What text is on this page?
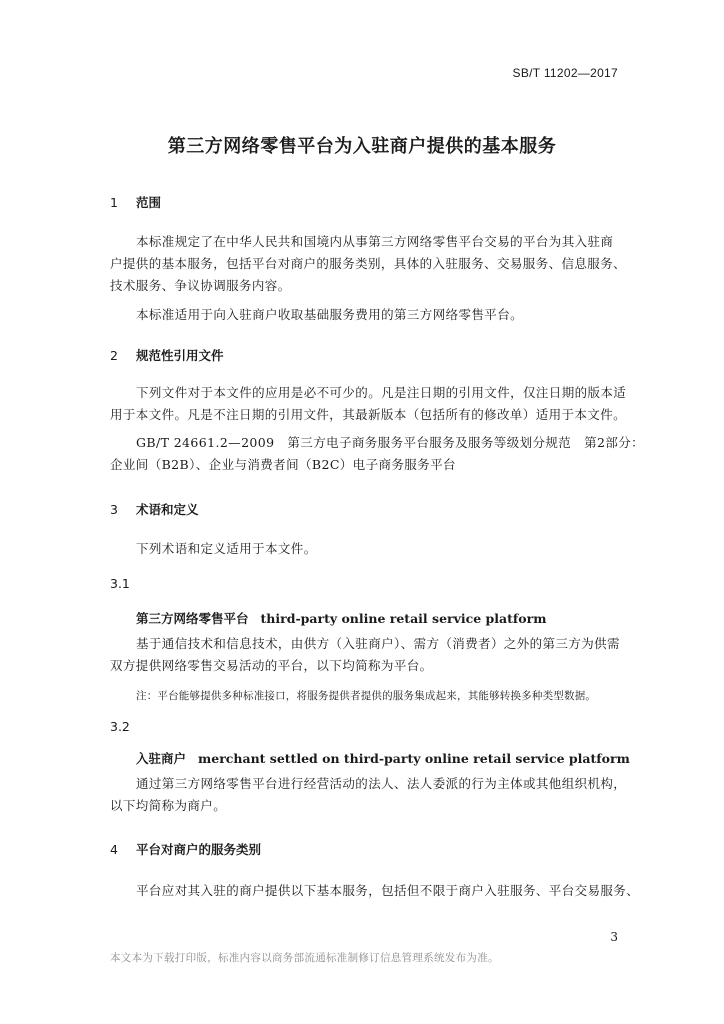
SB/T 11202—2017
第三方网络零售平台为入驻商户提供的基本服务
1 范围
本标准规定了在中华人民共和国境内从事第三方网络零售平台交易的平台为其入驻商
户提供的基本服务，包括平台对商户的服务类别，具体的入驻服务、交易服务、信息服务、
技术服务、争议协调服务内容。
本标准适用于向入驻商户收取基础服务费用的第三方网络零售平台。
2 规范性引用文件
下列文件对于本文件的应用是必不可少的。凡是注日期的引用文件，仅注日期的版本适
用于本文件。凡是不注日期的引用文件，其最新版本（包括所有的修改单）适用于本文件。
GB/T 24661.2—2009　第三方电子商务服务平台服务及服务等级划分规范　第2部分：
企业间（B2B）、企业与消费者间（B2C）电子商务服务平台
3 术语和定义
下列术语和定义适用于本文件。
3.1
第三方网络零售平台 third-party online retail service platform
基于通信技术和信息技术，由供方（入驻商户）、需方（消费者）之外的第三方为供需
双方提供网络零售交易活动的平台，以下均简称为平台。
注：平台能够提供多种标准接口，将服务提供者提供的服务集成起来，其能够转换多种类型数据。
3.2
入驻商户 merchant settled on third-party online retail service platform
通过第三方网络零售平台进行经营活动的法人、法人委派的行为主体或其他组织机构，
以下均简称为商户。
4 平台对商户的服务类别
平台应对其入驻的商户提供以下基本服务，包括但不限于商户入驻服务、平台交易服务、
3
本文本为下载打印版，标准内容以商务部流通标准制修订信息管理系统发布为准。
